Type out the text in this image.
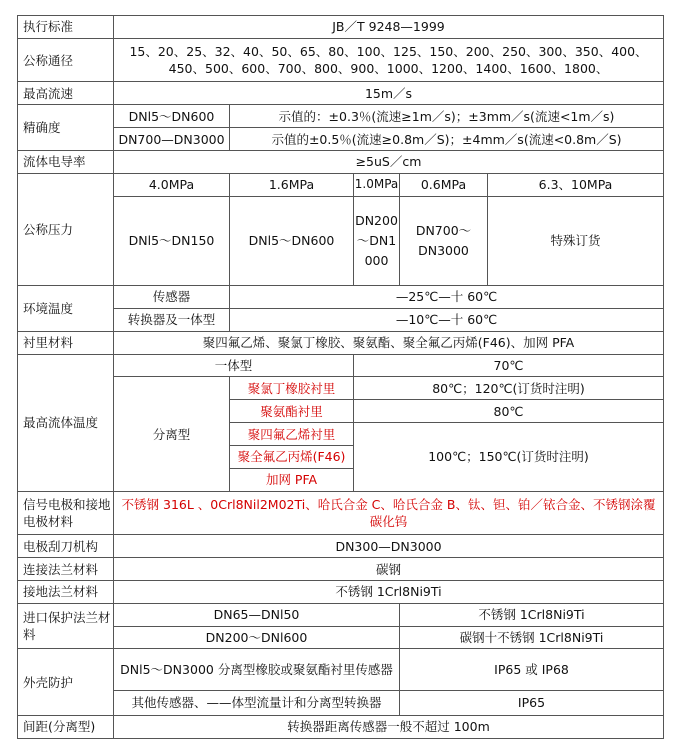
执行标准	JB／T 9248—1999				
公称通径	15、20、25、32、40、50、65、80、100、125、150、200、250、300、350、400、450、500、600、700、800、900、1000、1200、1400、1600、1800、				
最高流速	15m／s				
精确度	DNl5～DN600	示值的：±0.3％(流速≥1m／s)；±3mm／s(流速<1m／s)			
	DN700—DN3000	示值的±0.5％(流速≥0.8m／S)；±4mm／s(流速<0.8m／S)			
流体电导率	≥5uS／cm				
公称压力	4.0MPa	1.6MPa	1.0MPa	0.6MPa	6.3、10MPa
	DNl5～DN150	DNl5～DN600	DN200～DN1000	DN700～DN3000	特殊订货
环境温度	传感器	—25℃—十 60℃			
	转换器及一体型	—10℃—十 60℃			
衬里材料	聚四氟乙烯、聚氯丁橡胶、聚氨酯、聚全氟乙丙烯(F46)、加网 PFA				
最高流体温度	一体型		70℃		
	分离型	聚氯丁橡胶衬里	80℃；120℃(订货时注明)		
		聚氨酯衬里	80℃		
		聚四氟乙烯衬里	100℃；150℃(订货时注明)		
		聚全氟乙丙烯(F46)			
		加网 PFA			
信号电极和接地电极材料	不锈钢 316L 、0Crl8Nil2M02Ti、哈氏合金 C、哈氏合金 B、钛、钽、铂／铱合金、不锈钢涂覆碳化钨				
电极刮刀机构	DN300—DN3000				
连接法兰材料	碳钢				
接地法兰材料	不锈钢 1Crl8Ni9Ti				
进口保护法兰材料	DN65—DNl50			不锈钢 1Crl8Ni9Ti	
	DN200～DNl600			碳钢十不锈钢 1Crl8Ni9Ti	
外壳防护	DNl5～DN3000 分离型橡胶或聚氨酯衬里传感器			IP65 或 IP68	
	其他传感器、——体型流量计和分离型转换器			IP65	
间距(分离型)	转换器距离传感器一般不超过 100m				
